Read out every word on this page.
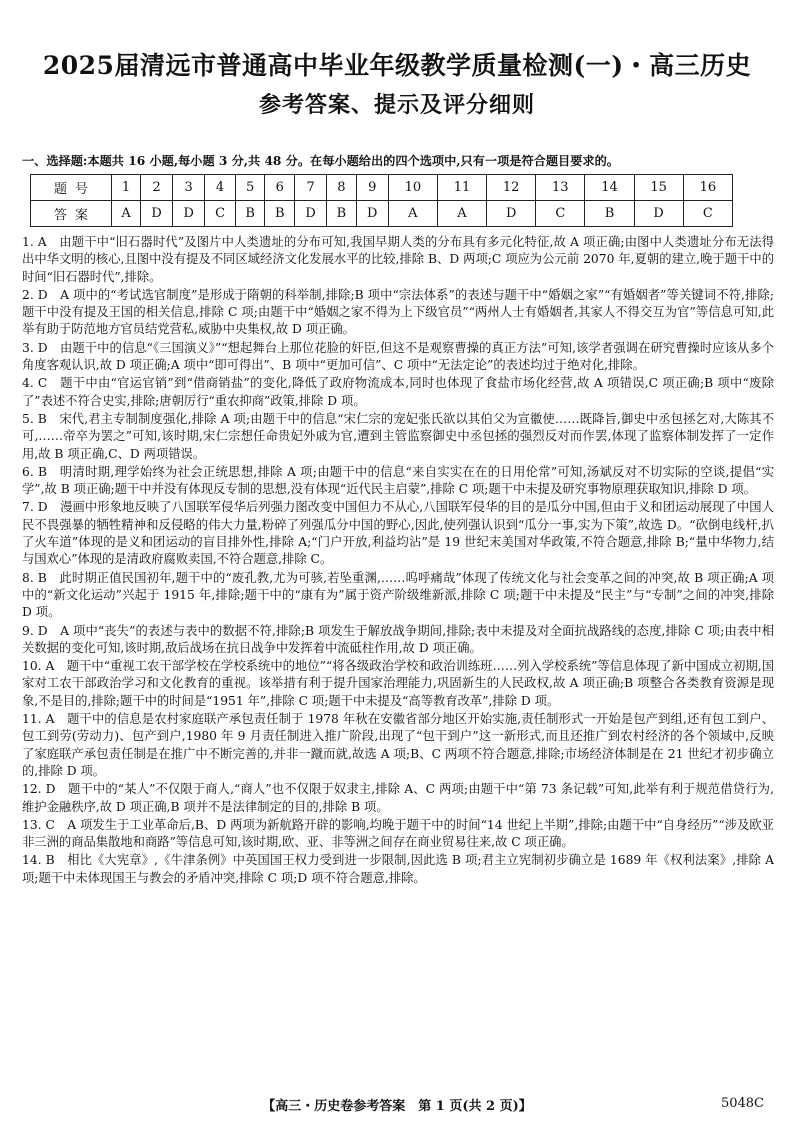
2025届清远市普通高中毕业年级教学质量检测(一)・高三历史
参考答案、提示及评分细则
一、选择题:本题共 16 小题,每小题 3 分,共 48 分。在每小题给出的四个选项中,只有一项是符合题目要求的。
题号	1	2	3	4	5	6	7	8	9	10	11	12	13	14	15	16
答案	A	D	D	C	B	B	D	B	D	A	A	D	C	B	D	C
1. A　由题干中“旧石器时代”及图片中人类遗址的分布可知,我国早期人类的分布具有多元化特征,故 A 项正确;由图中人类遗址分布无法得出中华文明的核心,且图中没有提及不同区域经济文化发展水平的比较,排除 B、D 两项;C 项应为公元前 2070 年,夏朝的建立,晚于题干中的时间“旧石器时代”,排除。
2. D　A 项中的“考试选官制度”是形成于隋朝的科举制,排除;B 项中“宗法体系”的表述与题干中“婚姻之家”“有婚姻者”等关键词不符,排除;题干中没有提及王国的相关信息,排除 C 项;由题干中“婚姻之家不得为上下级官员”“两州人士有婚姻者,其家人不得交互为官”等信息可知,此举有助于防范地方官员结党营私,威胁中央集权,故 D 项正确。
3. D　由题干中的信息“《三国演义》”“想起舞台上那位花脸的奸臣,但这不是观察曹操的真正方法”可知,该学者强调在研究曹操时应该从多个角度客观认识,故 D 项正确;A 项中“即可得出”、B 项中“更加可信”、C 项中“无法定论”的表述均过于绝对化,排除。
4. C　题干中由“官运官销”到“借商销盐”的变化,降低了政府物流成本,同时也体现了食盐市场化经营,故 A 项错误,C 项正确;B 项中“废除了”表述不符合史实,排除;唐朝厉行“重农抑商”政策,排除 D 项。
5. B　宋代,君主专制制度强化,排除 A 项;由题干中的信息“宋仁宗的宠妃张氏欲以其伯父为宣徽使……既降旨,御史中丞包拯乞对,大陈其不可,……帝卒为罢之”可知,该时期,宋仁宗想任命贵妃外戚为官,遭到主管监察御史中丞包拯的强烈反对而作罢,体现了监察体制发挥了一定作用,故 B 项正确,C、D 两项错误。
6. B　明清时期,理学始终为社会正统思想,排除 A 项;由题干中的信息“来自实实在在的日用伦常”可知,汤斌反对不切实际的空谈,提倡“实学”,故 B 项正确;题干中并没有体现反专制的思想,没有体现“近代民主启蒙”,排除 C 项;题干中未提及研究事物原理获取知识,排除 D 项。
7. D　漫画中形象地反映了八国联军侵华后列强力图改变中国但力不从心,八国联军侵华的目的是瓜分中国,但由于义和团运动展现了中国人民不畏强暴的牺牲精神和反侵略的伟大力量,粉碎了列强瓜分中国的野心,因此,使列强认识到“瓜分一事,实为下策”,故选 D。“砍倒电线杆,扒了火车道”体现的是义和团运动的盲目排外性,排除 A;“门户开放,利益均沾”是 19 世纪末美国对华政策,不符合题意,排除 B;“量中华物力,结与国欢心”体现的是清政府腐败卖国,不符合题意,排除 C。
8. B　此时期正值民国初年,题干中的“废孔教,尤为可骇,若坠重渊,……呜呼痛哉”体现了传统文化与社会变革之间的冲突,故 B 项正确;A 项中的“新文化运动”兴起于 1915 年,排除;题干中的“康有为”属于资产阶级维新派,排除 C 项;题干中未提及“民主”与“专制”之间的冲突,排除 D 项。
9. D　A 项中“丧失”的表述与表中的数据不符,排除;B 项发生于解放战争期间,排除;表中未提及对全面抗战路线的态度,排除 C 项;由表中相关数据的变化可知,该时期,敌后战场在抗日战争中发挥着中流砥柱作用,故 D 项正确。
10. A　题干中“重视工农干部学校在学校系统中的地位”“将各级政治学校和政治训练班……列入学校系统”等信息体现了新中国成立初期,国家对工农干部政治学习和文化教育的重视。该举措有利于提升国家治理能力,巩固新生的人民政权,故 A 项正确;B 项整合各类教育资源是现象,不是目的,排除;题干中的时间是“1951 年”,排除 C 项;题干中未提及“高等教育改革”,排除 D 项。
11. A　题干中的信息是农村家庭联产承包责任制于 1978 年秋在安徽省部分地区开始实施,责任制形式一开始是包产到组,还有包工到户、包工到劳(劳动力)、包产到户,1980 年 9 月责任制进入推广阶段,出现了“包干到户”这一新形式,而且还推广到农村经济的各个领域中,反映了家庭联产承包责任制是在推广中不断完善的,并非一蹴而就,故选 A 项;B、C 两项不符合题意,排除;市场经济体制是在 21 世纪才初步确立的,排除 D 项。
12. D　题干中的“某人”不仅限于商人,“商人”也不仅限于奴隶主,排除 A、C 两项;由题干中“第 73 条记载”可知,此举有利于规范借贷行为,维护金融秩序,故 D 项正确,B 项并不是法律制定的目的,排除 B 项。
13. C　A 项发生于工业革命后,B、D 两项为新航路开辟的影响,均晚于题干中的时间“14 世纪上半期”,排除;由题干中“自身经历”“涉及欧亚非三洲的商品集散地和商路”等信息可知,该时期,欧、亚、非等洲之间存在商业贸易往来,故 C 项正确。
14. B　相比《大宪章》,《牛津条例》中英国国王权力受到进一步限制,因此选 B 项;君主立宪制初步确立是 1689 年《权利法案》,排除 A 项;题干中未体现国王与教会的矛盾冲突,排除 C 项;D 项不符合题意,排除。
【高三・历史卷参考答案　第 1 页(共 2 页)】	5048C
